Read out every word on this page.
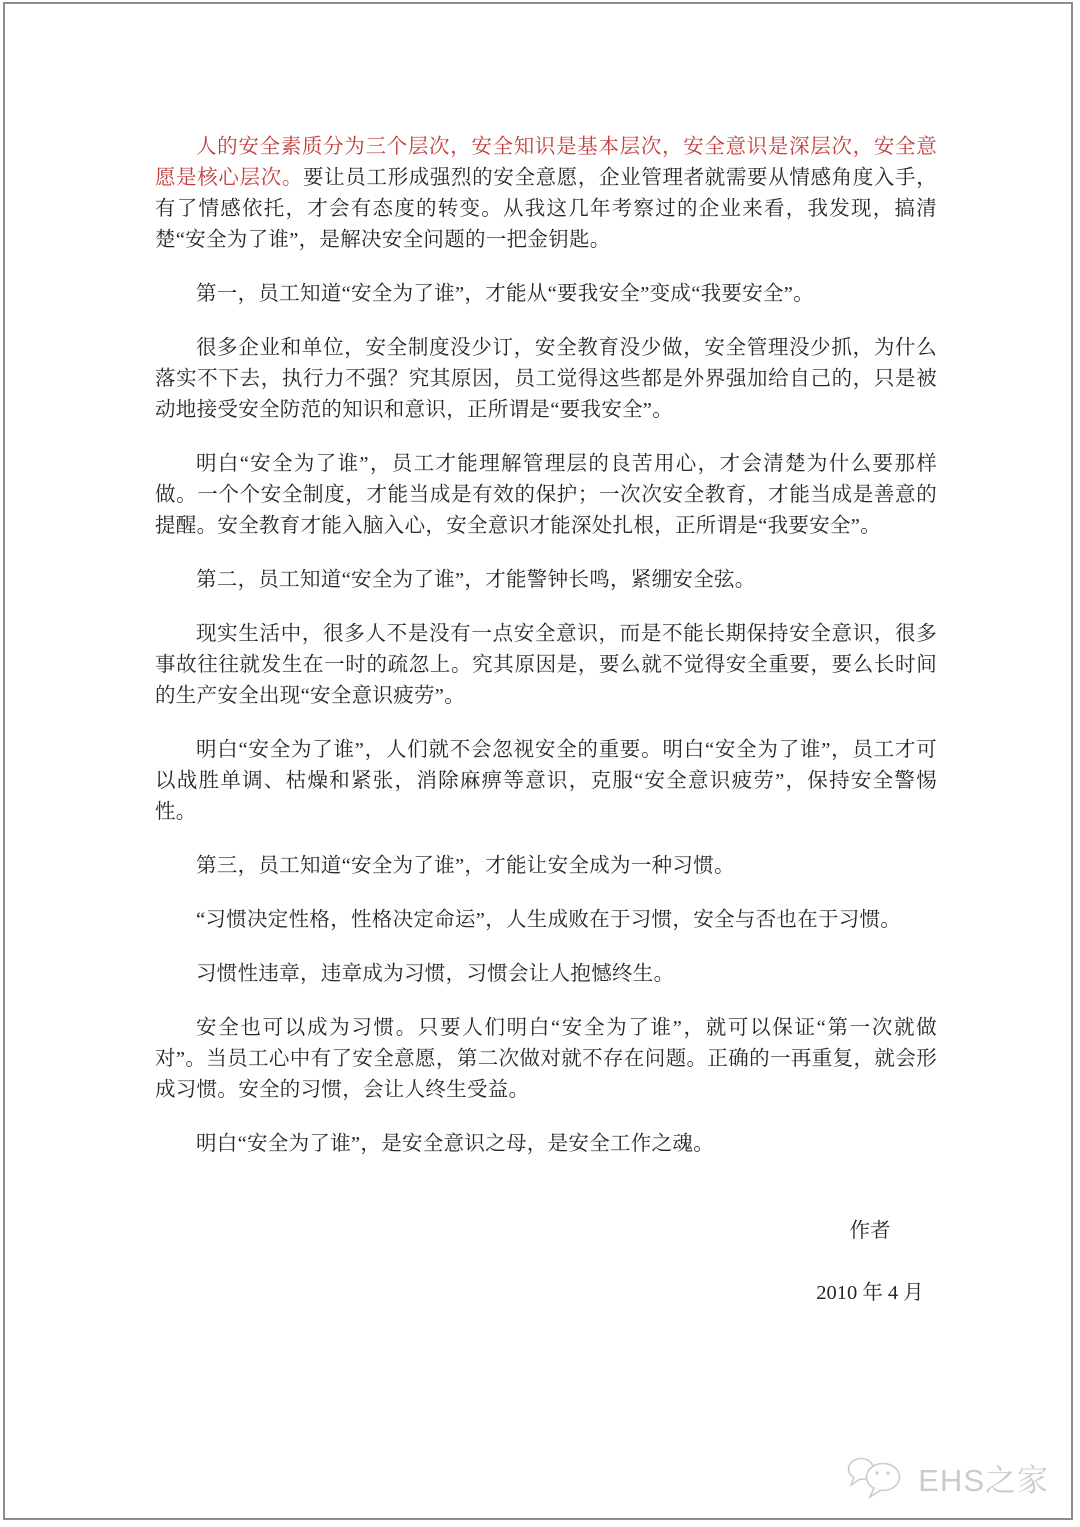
人的安全素质分为三个层次，安全知识是基本层次，安全意识是深层次，安全意愿是核心层次。要让员工形成强烈的安全意愿，企业管理者就需要从情感角度入手，有了情感依托，才会有态度的转变。从我这几年考察过的企业来看，我发现，搞清楚“安全为了谁”，是解决安全问题的一把金钥匙。

第一，员工知道“安全为了谁”，才能从“要我安全”变成“我要安全”。

很多企业和单位，安全制度没少订，安全教育没少做，安全管理没少抓，为什么落实不下去，执行力不强？究其原因，员工觉得这些都是外界强加给自己的，只是被动地接受安全防范的知识和意识，正所谓是“要我安全”。

明白“安全为了谁”，员工才能理解管理层的良苦用心，才会清楚为什么要那样做。一个个安全制度，才能当成是有效的保护；一次次安全教育，才能当成是善意的提醒。安全教育才能入脑入心，安全意识才能深处扎根，正所谓是“我要安全”。

第二，员工知道“安全为了谁”，才能警钟长鸣，紧绷安全弦。

现实生活中，很多人不是没有一点安全意识，而是不能长期保持安全意识，很多事故往往就发生在一时的疏忽上。究其原因是，要么就不觉得安全重要，要么长时间的生产安全出现“安全意识疲劳”。

明白“安全为了谁”，人们就不会忽视安全的重要。明白“安全为了谁”，员工才可以战胜单调、枯燥和紧张，消除麻痹等意识，克服“安全意识疲劳”，保持安全警惕性。

第三，员工知道“安全为了谁”，才能让安全成为一种习惯。

“习惯决定性格，性格决定命运”，人生成败在于习惯，安全与否也在于习惯。

习惯性违章，违章成为习惯，习惯会让人抱憾终生。

安全也可以成为习惯。只要人们明白“安全为了谁”，就可以保证“第一次就做对”。当员工心中有了安全意愿，第二次做对就不存在问题。正确的一再重复，就会形成习惯。安全的习惯，会让人终生受益。

明白“安全为了谁”，是安全意识之母，是安全工作之魂。

作者

2010 年 4 月

EHS之家
